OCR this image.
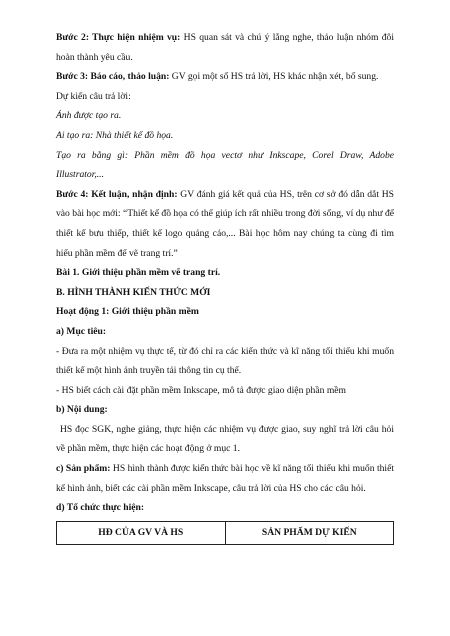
Bước 2: Thực hiện nhiệm vụ: HS quan sát và chú ý lắng nghe, thảo luận nhóm đôi hoàn thành yêu cầu.

Bước 3: Báo cáo, thảo luận: GV gọi một số HS trả lời, HS khác nhận xét, bổ sung.

Dự kiến câu trả lời:

Ảnh được tạo ra.

Ai tạo ra: Nhà thiết kế đồ họa.

Tạo ra bằng gì: Phần mềm đồ họa vectơ như Inkscape, Corel Draw, Adobe Illustrator,...

Bước 4: Kết luận, nhận định: GV đánh giá kết quả của HS, trên cơ sở đó dẫn dắt HS vào bài học mới: “Thiết kế đồ họa có thể giúp ích rất nhiều trong đời sống, ví dụ như để thiết kế bưu thiếp, thiết kế logo quảng cáo,... Bài học hôm nay chúng ta cùng đi tìm hiểu phần mềm để vẽ trang trí.”

Bài 1. Giới thiệu phần mềm vẽ trang trí.

B. HÌNH THÀNH KIẾN THỨC MỚI

Hoạt động 1: Giới thiệu phần mềm

a) Mục tiêu:

- Đưa ra một nhiệm vụ thực tế, từ đó chỉ ra các kiến thức và kĩ năng tối thiểu khi muốn thiết kế một hình ảnh truyền tải thông tin cụ thể.

- HS biết cách cài đặt phần mềm Inkscape, mô tả được giao diện phần mềm

b) Nội dung:

HS đọc SGK, nghe giảng, thực hiện các nhiệm vụ được giao, suy nghĩ trả lời câu hỏi về phần mềm, thực hiện các hoạt động ở mục 1.

c) Sản phẩm: HS hình thành được kiến thức bài học về kĩ năng tối thiểu khi muốn thiết kế hình ảnh, biết các cài phần mềm Inkscape, câu trả lời của HS cho các câu hỏi.

d) Tổ chức thực hiện:

HĐ CỦA GV VÀ HS	SẢN PHẨM DỰ KIẾN
